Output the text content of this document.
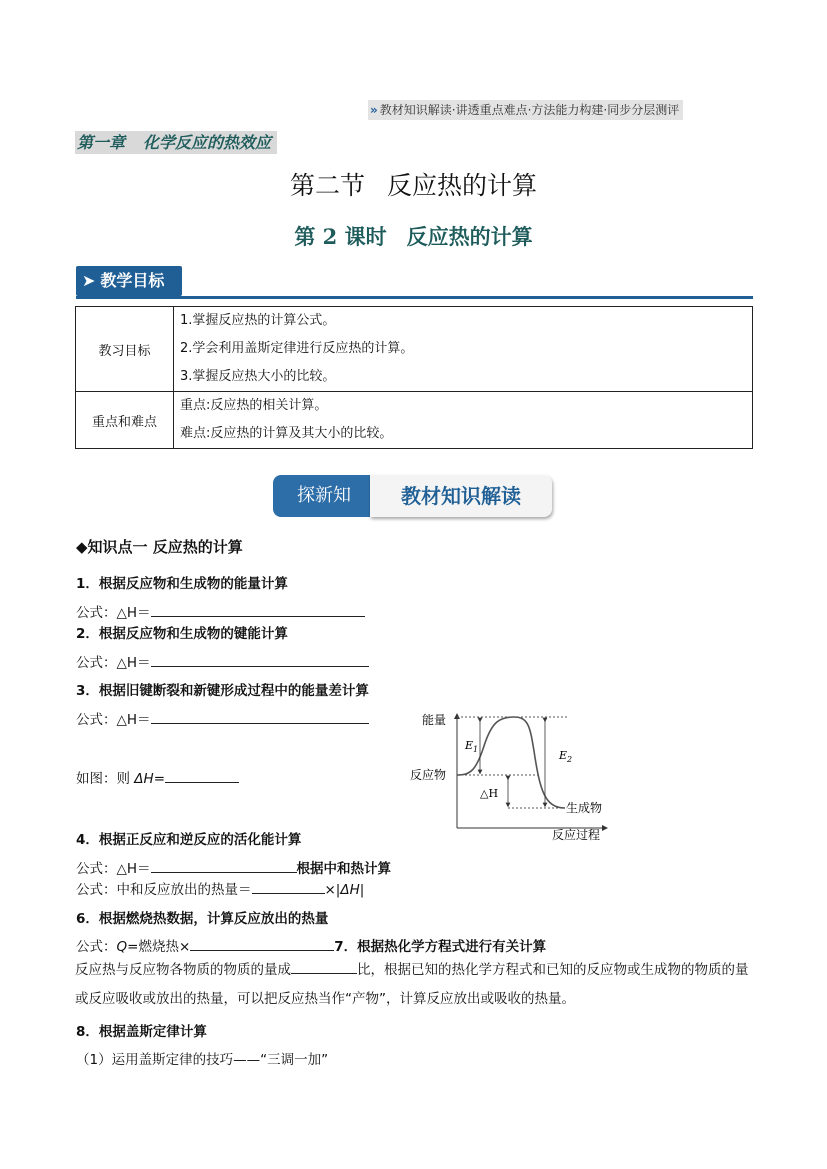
» 教材知识解读·讲透重点难点·方法能力构建·同步分层测评
第一章 化学反应的热效应
第二节 反应热的计算
第 2 课时 反应热的计算
➤ 教学目标
教习目标	1.掌握反应热的计算公式。
2.学会利用盖斯定律进行反应热的计算。
3.掌握反应热大小的比较。

重点和难点	重点:反应热的相关计算。
难点:反应热的计算及其大小的比较。
探新知	教材知识解读
◆知识点一 反应热的计算
1．根据反应物和生成物的能量计算
公式：△H＝
2．根据反应物和生成物的键能计算
公式：△H＝
3．根据旧键断裂和新键形成过程中的能量差计算
公式：△H＝
如图：则 ΔH=
能量
反应物
生成物
反应过程
$E_1$	$E_2$
△H
4．根据正反应和逆反应的活化能计算
公式：△H＝	根据中和热计算
公式：中和反应放出的热量＝	×|ΔH|
6．根据燃烧热数据，计算反应放出的热量
公式：Q=燃烧热×	7．根据热化学方程式进行有关计算
反应热与反应物各物质的物质的量成	比，根据已知的热化学方程式和已知的反应物或生成物的物质的量或反应吸收或放出的热量，可以把反应热当作“产物”，计算反应放出或吸收的热量。
8．根据盖斯定律计算
（1）运用盖斯定律的技巧——“三调一加”
